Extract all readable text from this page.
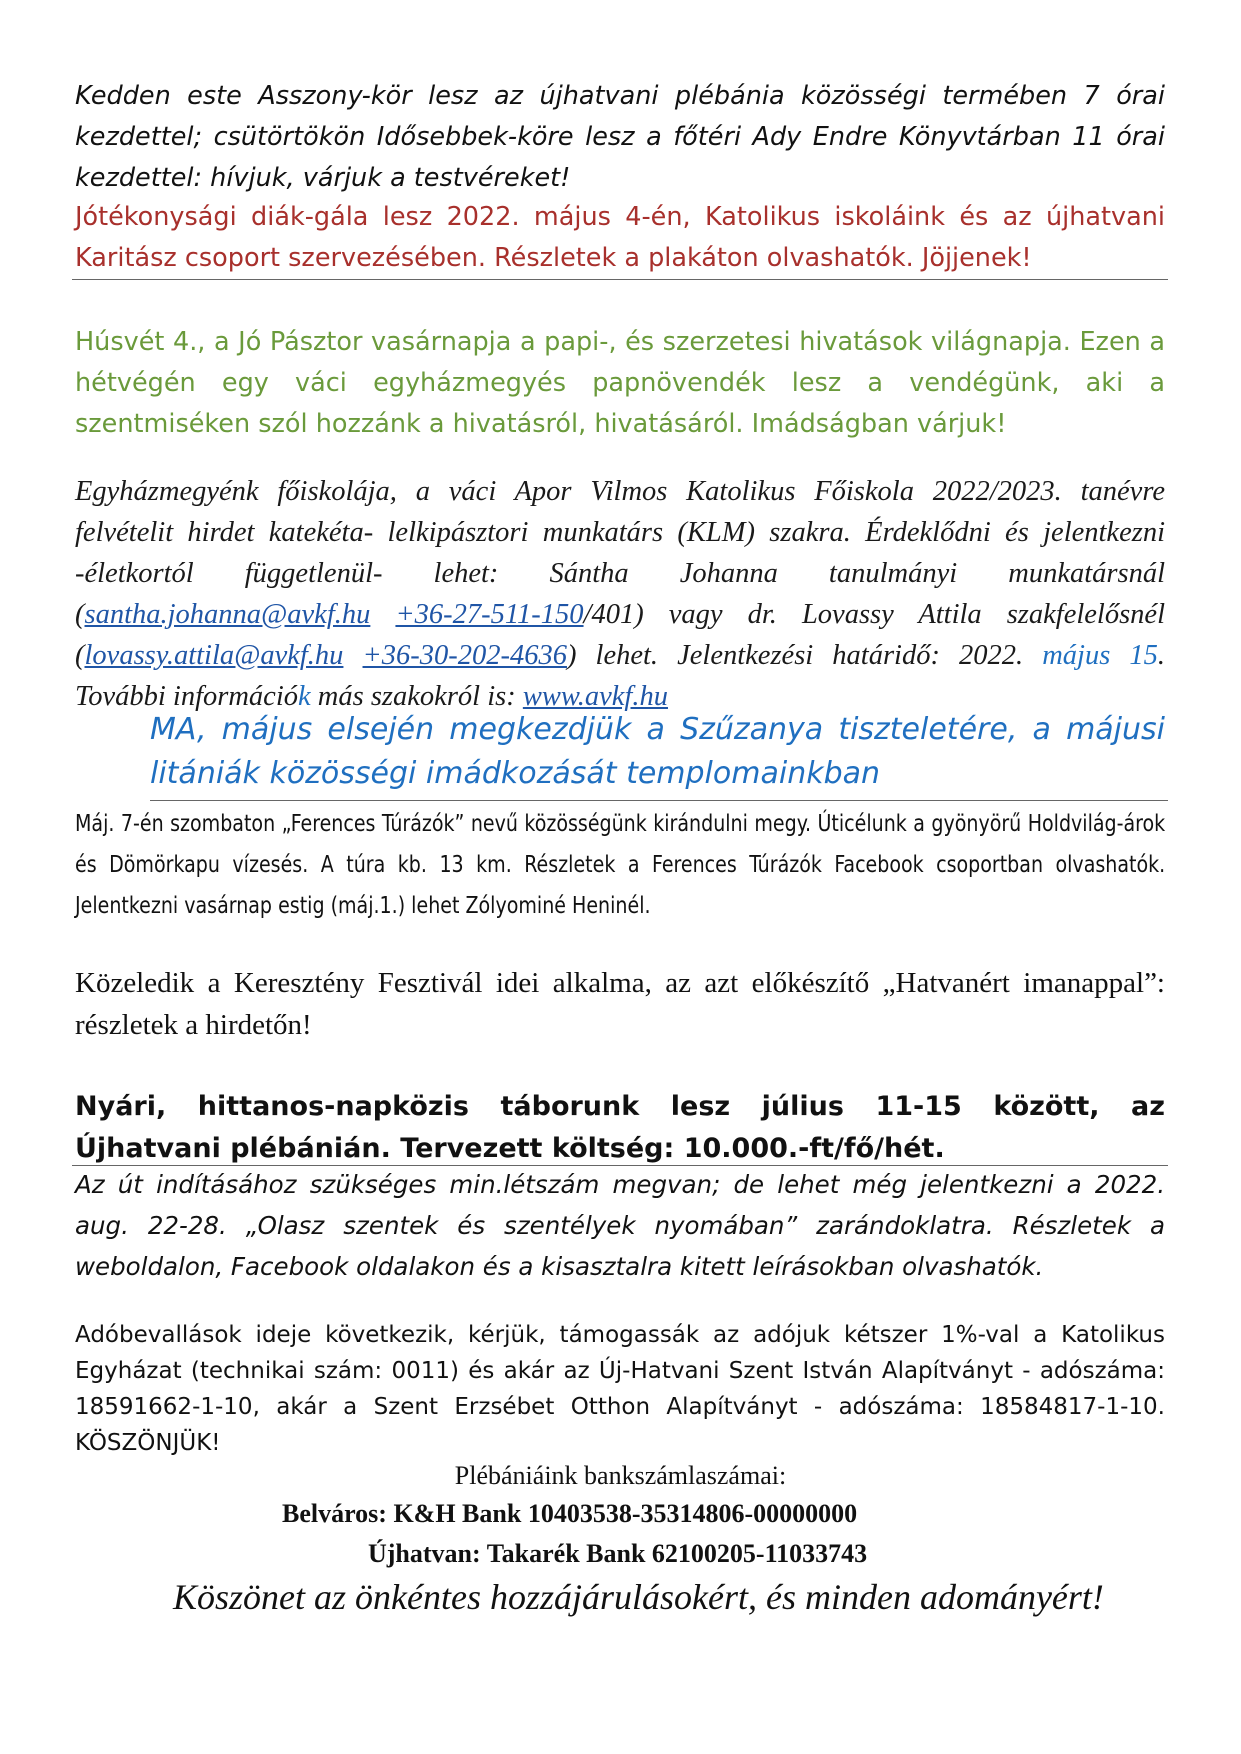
Kedden este Asszony-kör lesz az újhatvani plébánia közösségi termében 7 órai kezdettel; csütörtökön Idősebbek-köre lesz a főtéri Ady Endre Könyvtárban 11 órai kezdettel: hívjuk, várjuk a testvéreket!

Jótékonysági diák-gála lesz 2022. május 4-én, Katolikus iskoláink és az újhatvani Karitász csoport szervezésében. Részletek a plakáton olvashatók. Jöjjenek!

Húsvét 4., a Jó Pásztor vasárnapja a papi-, és szerzetesi hivatások világnapja. Ezen a hétvégén egy váci egyházmegyés papnövendék lesz a vendégünk, aki a szentmiséken szól hozzánk a hivatásról, hivatásáról. Imádságban várjuk!

Egyházmegyénk főiskolája, a váci Apor Vilmos Katolikus Főiskola 2022/2023. tanévre felvételit hirdet katekéta- lelkipásztori munkatárs (KLM) szakra. Érdeklődni és jelentkezni -életkortól függetlenül- lehet: Sántha Johanna tanulmányi munkatársnál (santha.johanna@avkf.hu +36-27-511-150/401) vagy dr. Lovassy Attila szakfelelősnél (lovassy.attila@avkf.hu +36-30-202-4636) lehet. Jelentkezési határidő: 2022. május 15. További információk más szakokról is: www.avkf.hu

MA, május elsején megkezdjük a Szűzanya tiszteletére, a májusi litániák közösségi imádkozását templomainkban

Máj. 7-én szombaton „Ferences Túrázók” nevű közösségünk kirándulni megy. Úticélunk a gyönyörű Holdvilág-árok és Dömörkapu vízesés. A túra kb. 13 km. Részletek a Ferences Túrázók Facebook csoportban olvashatók. Jelentkezni vasárnap estig (máj.1.) lehet Zólyominé Heninél.

Közeledik a Keresztény Fesztivál idei alkalma, az azt előkészítő „Hatvanért imanappal”: részletek a hirdetőn!

Nyári, hittanos-napközis táborunk lesz július 11-15 között, az Újhatvani plébánián. Tervezett költség: 10.000.-ft/fő/hét.

Az út indításához szükséges min.létszám megvan; de lehet még jelentkezni a 2022. aug. 22-28. „Olasz szentek és szentélyek nyomában” zarándoklatra. Részletek a weboldalon, Facebook oldalakon és a kisasztalra kitett leírásokban olvashatók.

Adóbevallások ideje következik, kérjük, támogassák az adójuk kétszer 1%-val a Katolikus Egyházat (technikai szám: 0011) és akár az Új-Hatvani Szent István Alapítványt - adószáma: 18591662-1-10, akár a Szent Erzsébet Otthon Alapítványt - adószáma: 18584817-1-10. KÖSZÖNJÜK!

Plébániáink bankszámlaszámai:
Belváros: K&H Bank 10403538-35314806-00000000
Újhatvan: Takarék Bank 62100205-11033743
Köszönet az önkéntes hozzájárulásokért, és minden adományért!
